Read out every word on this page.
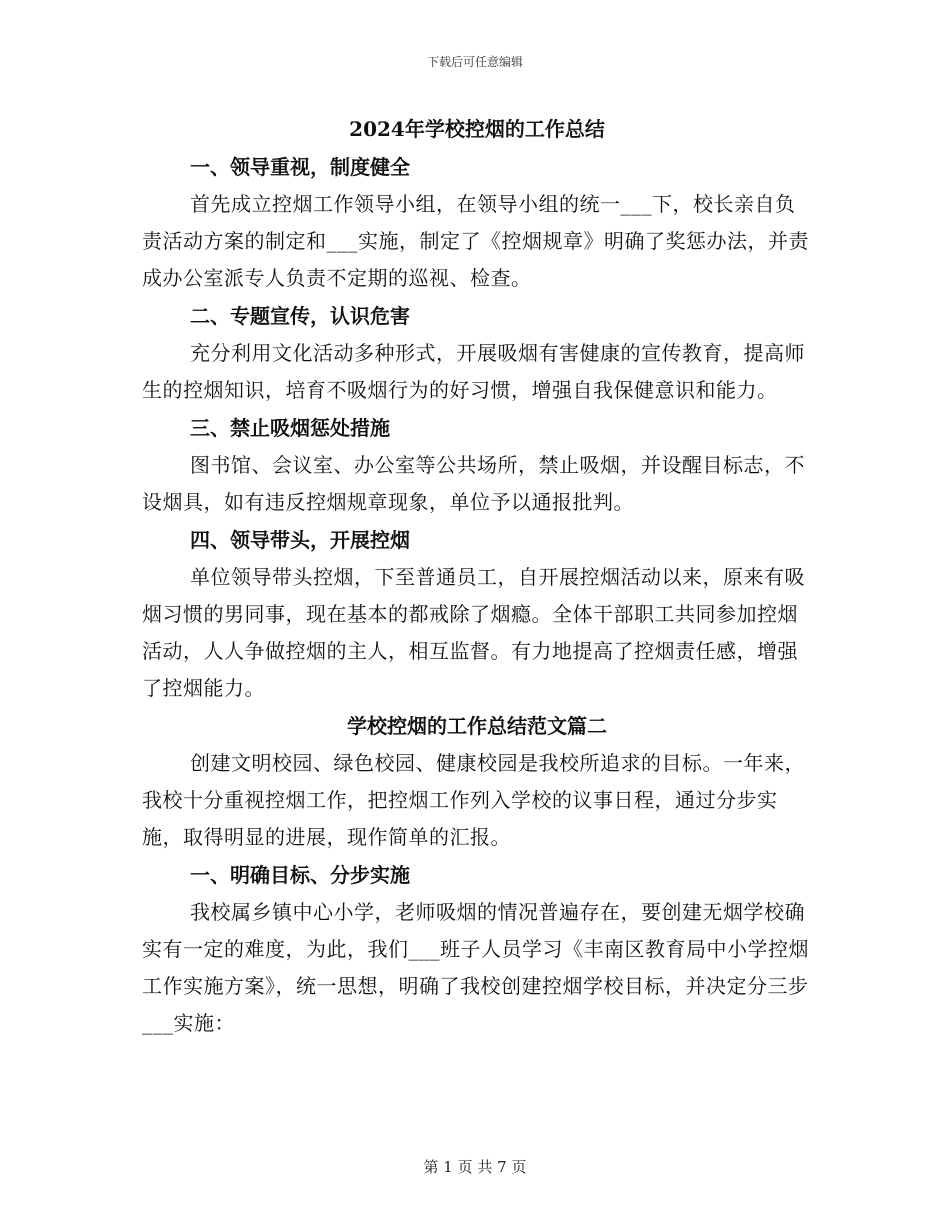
下载后可任意编辑
2024年学校控烟的工作总结
一、领导重视，制度健全

首先成立控烟工作领导小组，在领导小组的统一___下，校长亲自负责活动方案的制定和___实施，制定了《控烟规章》明确了奖惩办法，并责成办公室派专人负责不定期的巡视、检查。

二、专题宣传，认识危害

充分利用文化活动多种形式，开展吸烟有害健康的宣传教育，提高师生的控烟知识，培育不吸烟行为的好习惯，增强自我保健意识和能力。

三、禁止吸烟惩处措施

图书馆、会议室、办公室等公共场所，禁止吸烟，并设醒目标志，不设烟具，如有违反控烟规章现象，单位予以通报批判。

四、领导带头，开展控烟

单位领导带头控烟，下至普通员工，自开展控烟活动以来，原来有吸烟习惯的男同事，现在基本的都戒除了烟瘾。全体干部职工共同参加控烟活动，人人争做控烟的主人，相互监督。有力地提高了控烟责任感，增强了控烟能力。

学校控烟的工作总结范文篇二

创建文明校园、绿色校园、健康校园是我校所追求的目标。一年来，我校十分重视控烟工作，把控烟工作列入学校的议事日程，通过分步实施，取得明显的进展，现作简单的汇报。

一、明确目标、分步实施

我校属乡镇中心小学，老师吸烟的情况普遍存在，要创建无烟学校确实有一定的难度，为此，我们___班子人员学习《丰南区教育局中小学控烟工作实施方案》，统一思想，明确了我校创建控烟学校目标，并决定分三步___实施：

第 1 页 共 7 页
